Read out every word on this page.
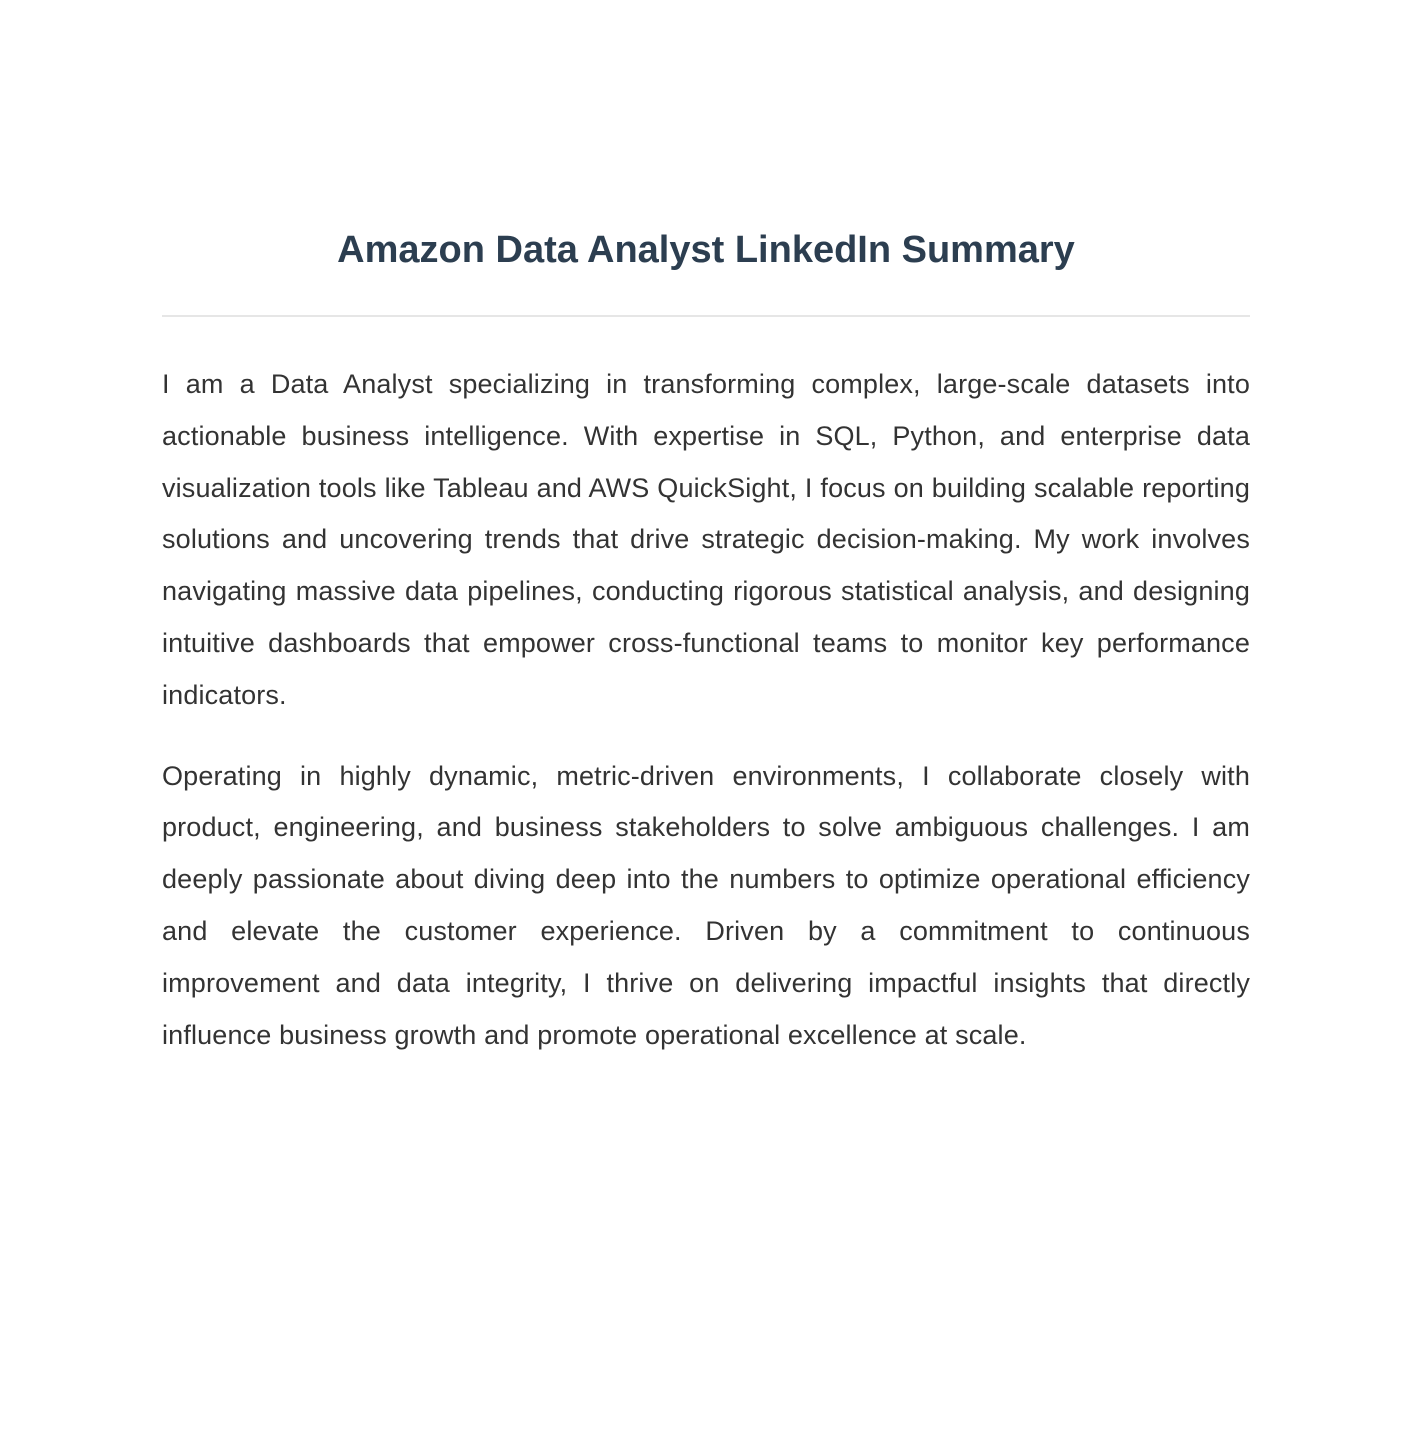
Amazon Data Analyst LinkedIn Summary

I am a Data Analyst specializing in transforming complex, large-scale datasets into actionable business intelligence. With expertise in SQL, Python, and enterprise data visualization tools like Tableau and AWS QuickSight, I focus on building scalable reporting solutions and uncovering trends that drive strategic decision-making. My work involves navigating massive data pipelines, conducting rigorous statistical analysis, and designing intuitive dashboards that empower cross-functional teams to monitor key performance indicators.

Operating in highly dynamic, metric-driven environments, I collaborate closely with product, engineering, and business stakeholders to solve ambiguous challenges. I am deeply passionate about diving deep into the numbers to optimize operational efficiency and elevate the customer experience. Driven by a commitment to continuous improvement and data integrity, I thrive on delivering impactful insights that directly influence business growth and promote operational excellence at scale.
